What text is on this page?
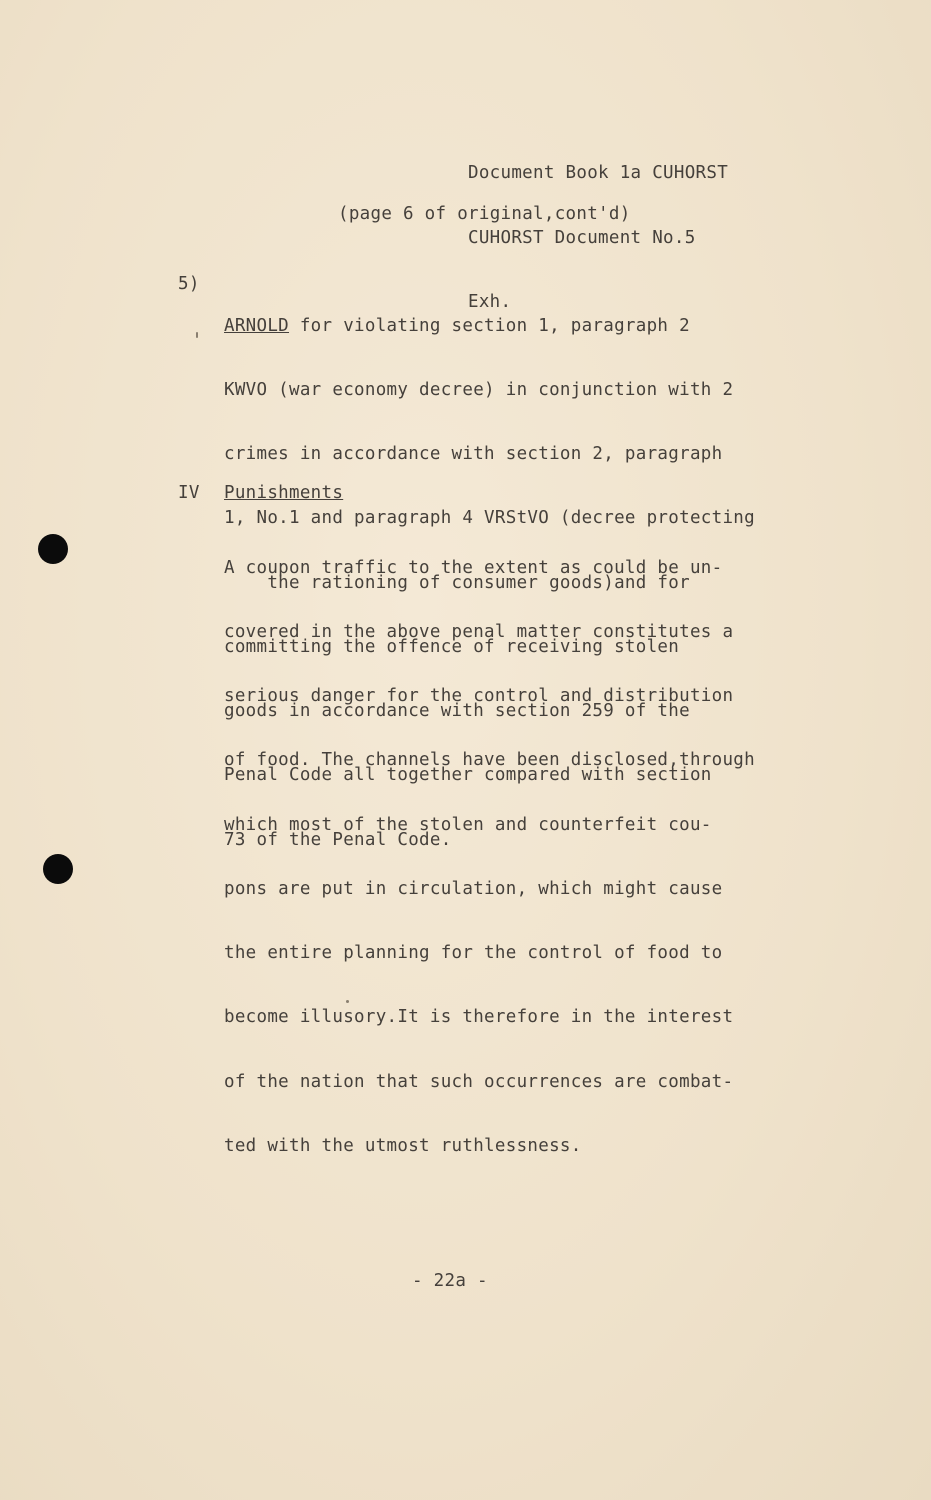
Document Book 1a CUHORST

CUHORST Document No.5

Exh.

(page 6 of original,cont'd)
5)

ARNOLD for violating section 1, paragraph 2

KWVO (war economy decree) in conjunction with 2

crimes in accordance with section 2, paragraph

1, No.1 and paragraph 4 VRStVO (decree protecting

the rationing of consumer goods)and for

committing the offence of receiving stolen

goods in accordance with section 259 of the

Penal Code all together compared with section

73 of the Penal Code.

IV Punishments

A coupon traffic to the extent as could be un-

covered in the above penal matter constitutes a

serious danger for the control and distribution

of food. The channels have been disclosed,through

which most of the stolen and counterfeit cou-

pons are put in circulation, which might cause

the entire planning for the control of food to

become illusory.It is therefore in the interest

of the nation that such occurrences are combat-

ted with the utmost ruthlessness.

- 22a -
